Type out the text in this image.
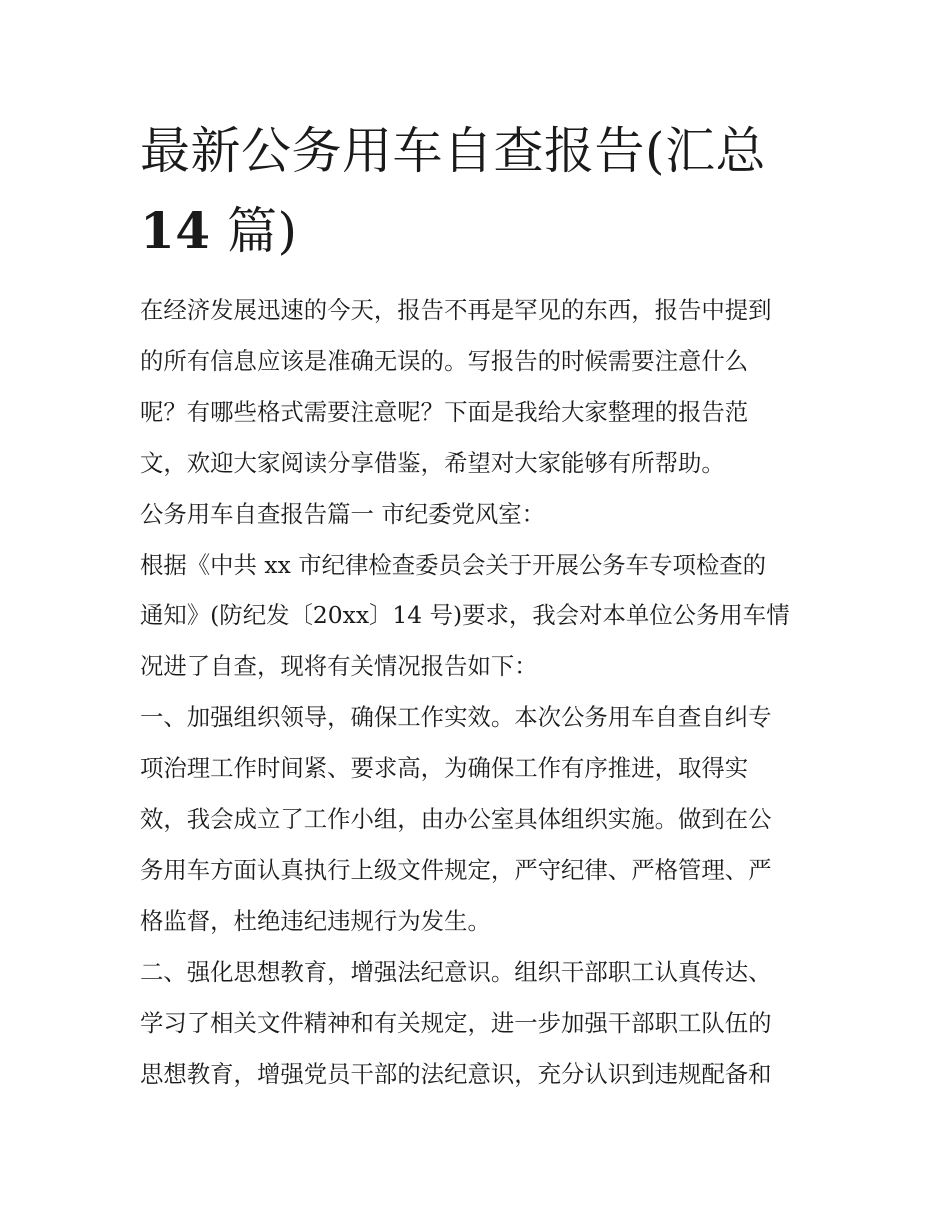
最新公务用车自查报告(汇总
14 篇)

在经济发展迅速的今天，报告不再是罕见的东西，报告中提到
的所有信息应该是准确无误的。写报告的时候需要注意什么
呢？有哪些格式需要注意呢？下面是我给大家整理的报告范
文，欢迎大家阅读分享借鉴，希望对大家能够有所帮助。

公务用车自查报告篇一 市纪委党风室：

根据《中共 xx 市纪律检查委员会关于开展公务车专项检查的
通知》(防纪发〔20xx〕14 号)要求，我会对本单位公务用车情
况进了自查，现将有关情况报告如下：

一、加强组织领导，确保工作实效。本次公务用车自查自纠专
项治理工作时间紧、要求高，为确保工作有序推进，取得实
效，我会成立了工作小组，由办公室具体组织实施。做到在公
务用车方面认真执行上级文件规定，严守纪律、严格管理、严
格监督，杜绝违纪违规行为发生。

二、强化思想教育，增强法纪意识。组织干部职工认真传达、
学习了相关文件精神和有关规定，进一步加强干部职工队伍的
思想教育，增强党员干部的法纪意识，充分认识到违规配备和
